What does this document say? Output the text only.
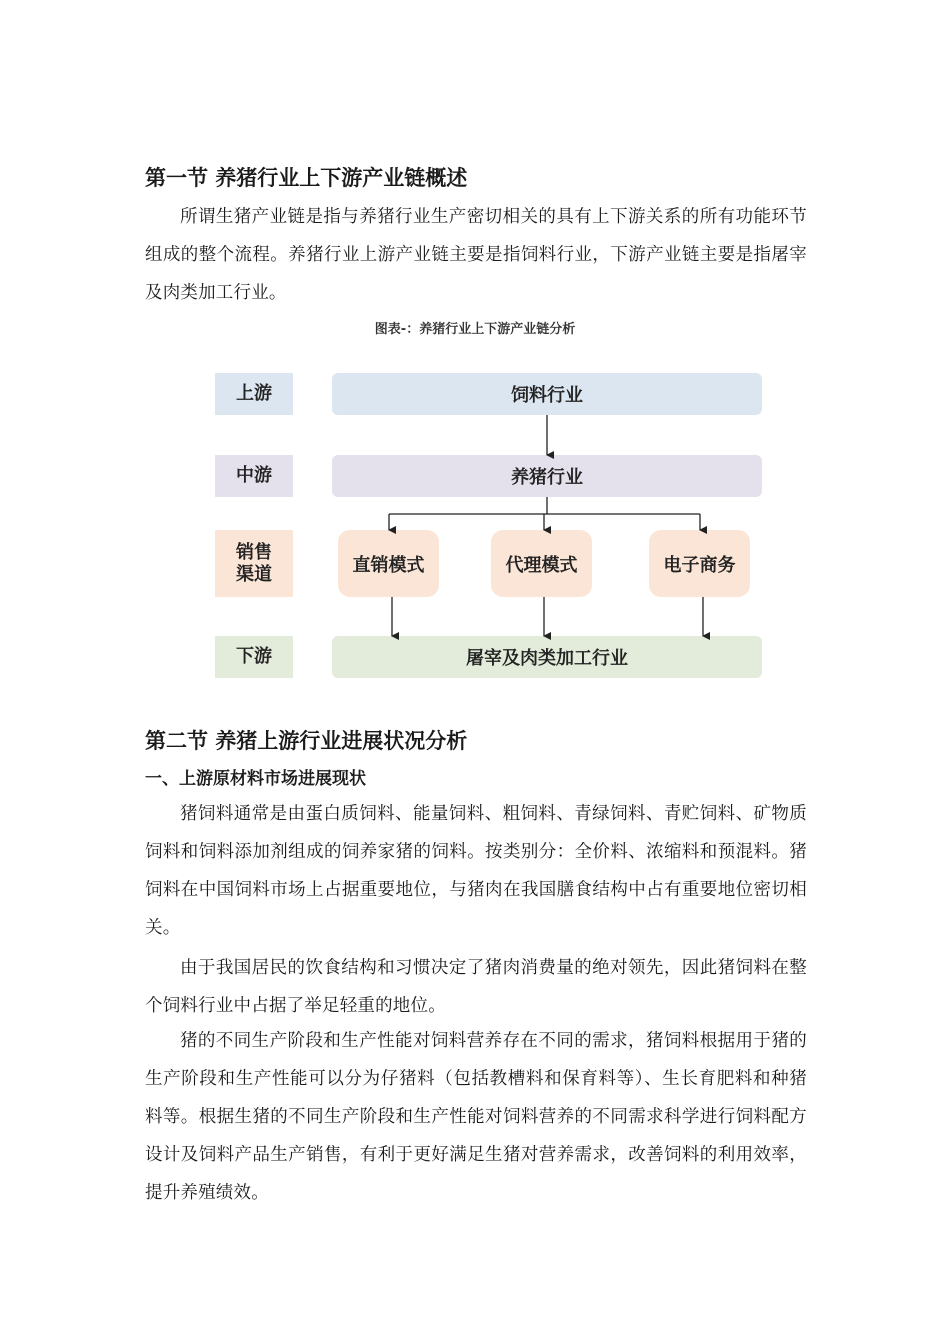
第一节 养猪行业上下游产业链概述

所谓生猪产业链是指与养猪行业生产密切相关的具有上下游关系的所有功能环节组成的整个流程。养猪行业上游产业链主要是指饲料行业，下游产业链主要是指屠宰及肉类加工行业。

图表-：养猪行业上下游产业链分析

上游
中游
销售
渠道
下游
饲料行业
养猪行业
直销模式	代理模式	电子商务
屠宰及肉类加工行业
第二节 养猪上游行业进展状况分析
一、上游原材料市场进展现状

猪饲料通常是由蛋白质饲料、能量饲料、粗饲料、青绿饲料、青贮饲料、矿物质饲料和饲料添加剂组成的饲养家猪的饲料。按类别分：全价料、浓缩料和预混料。猪饲料在中国饲料市场上占据重要地位，与猪肉在我国膳食结构中占有重要地位密切相关。

由于我国居民的饮食结构和习惯决定了猪肉消费量的绝对领先，因此猪饲料在整个饲料行业中占据了举足轻重的地位。

猪的不同生产阶段和生产性能对饲料营养存在不同的需求，猪饲料根据用于猪的生产阶段和生产性能可以分为仔猪料（包括教槽料和保育料等）、生长育肥料和种猪料等。根据生猪的不同生产阶段和生产性能对饲料营养的不同需求科学进行饲料配方设计及饲料产品生产销售，有利于更好满足生猪对营养需求，改善饲料的利用效率，提升养殖绩效。
